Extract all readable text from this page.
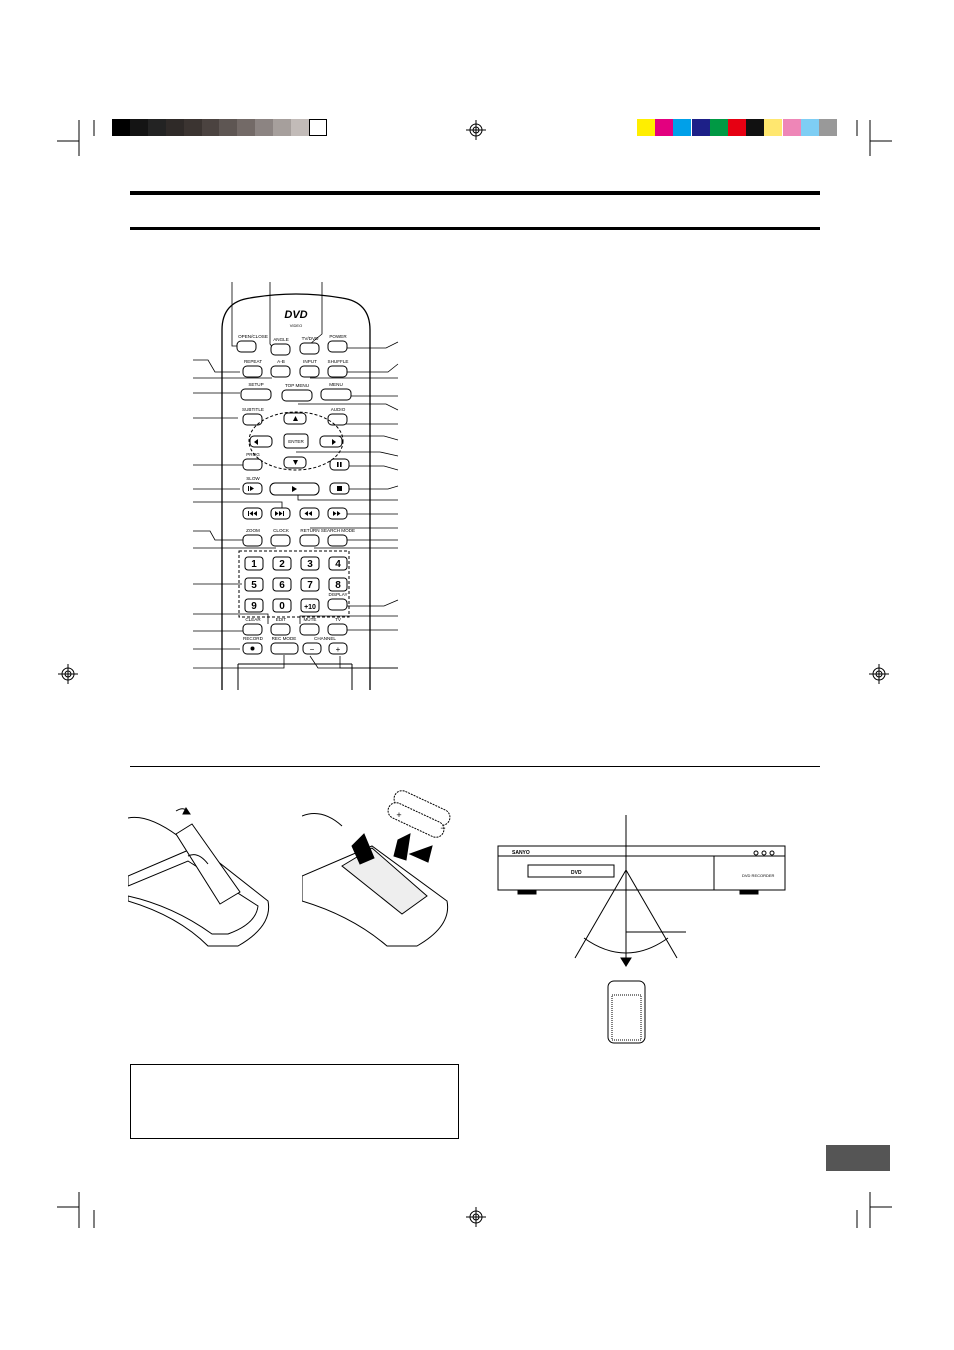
DVD
VIDEO
1 2 3 4
5 6 7 8
9 0	+10
−	+
OPEN/CLOSE
ANGLE	TV/DVD POWER
REPEAT	A-B	INPUT SHUFFLE
SETUP	TOP MENU	MENU
SUBTITLE	AUDIO
ENTER
PROG
SLOW
ZOOM	CLOCK	RETURN SEARCH MODE
DISPLAY
CLEAR	EDIT	MUTE	TV
RECORD REC MODE	CHANNEL
+
−
SANYO
DVD RECORDER
DVD
